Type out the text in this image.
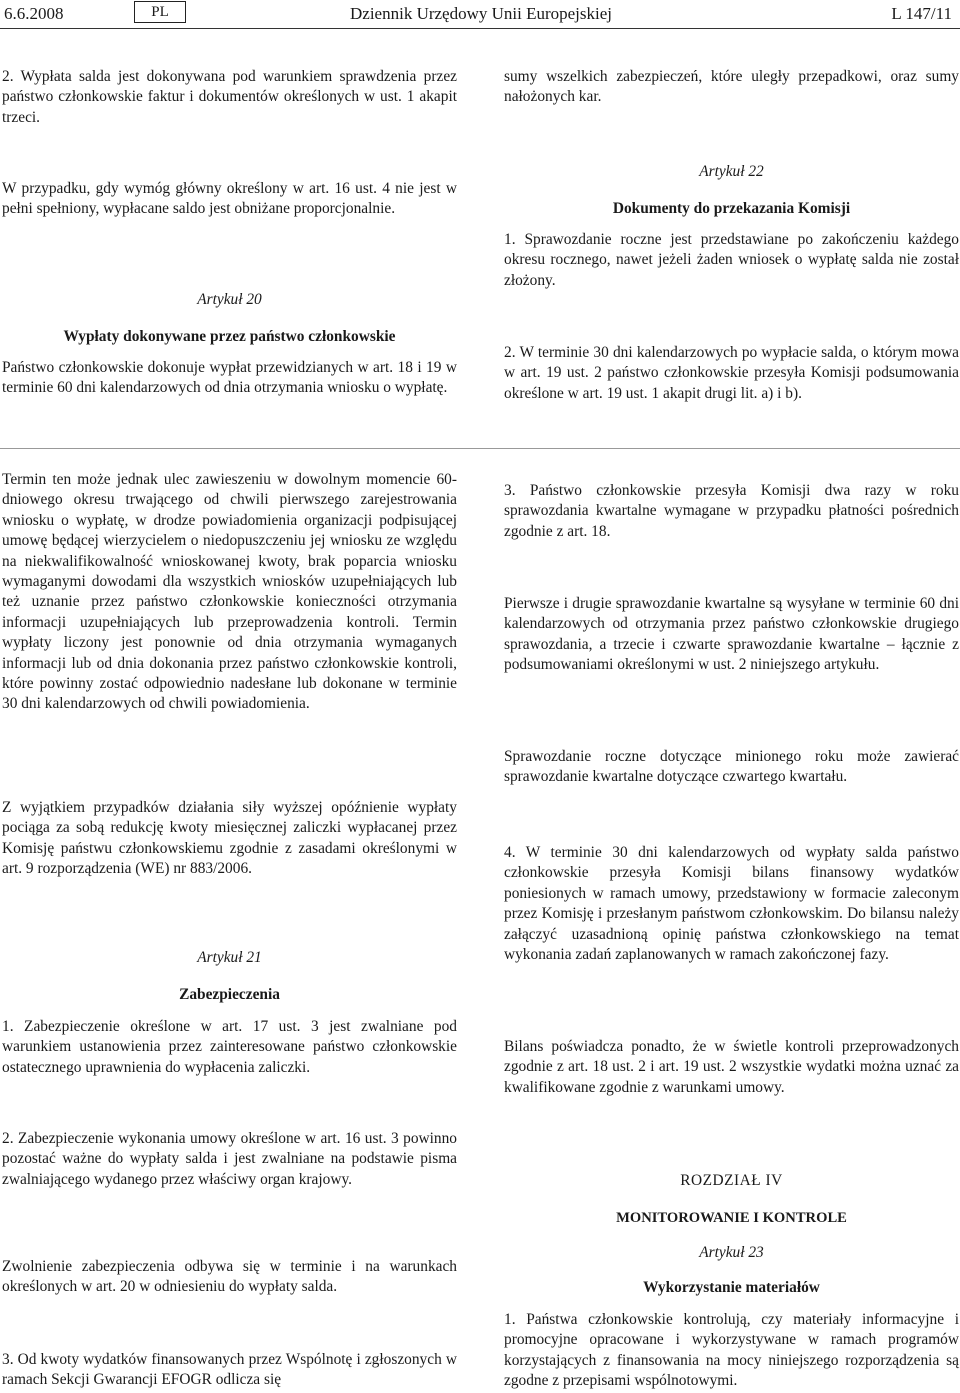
6.6.2008	PL	Dziennik Urzędowy Unii Europejskiej	L 147/11
2. Wypłata salda jest dokonywana pod warunkiem sprawdzenia przez państwo członkowskie faktur i dokumentów określonych w ust. 1 akapit trzeci.
W przypadku, gdy wymóg główny określony w art. 16 ust. 4 nie jest w pełni spełniony, wypłacane saldo jest obniżane proporcjonalnie.
Artykuł 20
Wypłaty dokonywane przez państwo członkowskie
Państwo członkowskie dokonuje wypłat przewidzianych w art. 18 i 19 w terminie 60 dni kalendarzowych od dnia otrzymania wniosku o wypłatę.
sumy wszelkich zabezpieczeń, które uległy przepadkowi, oraz sumy nałożonych kar.
Artykuł 22
Dokumenty do przekazania Komisji
1. Sprawozdanie roczne jest przedstawiane po zakończeniu każdego okresu rocznego, nawet jeżeli żaden wniosek o wypłatę salda nie został złożony.
2. W terminie 30 dni kalendarzowych po wypłacie salda, o którym mowa w art. 19 ust. 2 państwo członkowskie przesyła Komisji podsumowania określone w art. 19 ust. 1 akapit drugi lit. a) i b).
Termin ten może jednak ulec zawieszeniu w dowolnym momencie 60-dniowego okresu trwającego od chwili pierwszego zarejestrowania wniosku o wypłatę, w drodze powiadomienia organizacji podpisującej umowę będącej wierzycielem o niedopuszczeniu jej wniosku ze względu na niekwalifikowalność wnioskowanej kwoty, brak poparcia wniosku wymaganymi dowodami dla wszystkich wniosków uzupełniających lub też uznanie przez państwo członkowskie konieczności otrzymania informacji uzupełniających lub przeprowadzenia kontroli. Termin wypłaty liczony jest ponownie od dnia otrzymania wymaganych informacji lub od dnia dokonania przez państwo członkowskie kontroli, które powinny zostać odpowiednio nadesłane lub dokonane w terminie 30 dni kalendarzowych od chwili powiadomienia.
Z wyjątkiem przypadków działania siły wyższej opóźnienie wypłaty pociąga za sobą redukcję kwoty miesięcznej zaliczki wypłacanej przez Komisję państwu członkowskiemu zgodnie z zasadami określonymi w art. 9 rozporządzenia (WE) nr 883/2006.
Artykuł 21
Zabezpieczenia
1. Zabezpieczenie określone w art. 17 ust. 3 jest zwalniane pod warunkiem ustanowienia przez zainteresowane państwo członkowskie ostatecznego uprawnienia do wypłacenia zaliczki.
2. Zabezpieczenie wykonania umowy określone w art. 16 ust. 3 powinno pozostać ważne do wypłaty salda i jest zwalniane na podstawie pisma zwalniającego wydanego przez właściwy organ krajowy.
Zwolnienie zabezpieczenia odbywa się w terminie i na warunkach określonych w art. 20 w odniesieniu do wypłaty salda.
3. Od kwoty wydatków finansowanych przez Wspólnotę i zgłoszonych w ramach Sekcji Gwarancji EFOGR odlicza się
3. Państwo członkowskie przesyła Komisji dwa razy w roku sprawozdania kwartalne wymagane w przypadku płatności pośrednich zgodnie z art. 18.
Pierwsze i drugie sprawozdanie kwartalne są wysyłane w terminie 60 dni kalendarzowych od otrzymania przez państwo członkowskie drugiego sprawozdania, a trzecie i czwarte sprawozdanie kwartalne – łącznie z podsumowaniami określonymi w ust. 2 niniejszego artykułu.
Sprawozdanie roczne dotyczące minionego roku może zawierać sprawozdanie kwartalne dotyczące czwartego kwartału.
4. W terminie 30 dni kalendarzowych od wypłaty salda państwo członkowskie przesyła Komisji bilans finansowy wydatków poniesionych w ramach umowy, przedstawiony w formacie zaleconym przez Komisję i przesłanym państwom członkowskim. Do bilansu należy załączyć uzasadnioną opinię państwa członkowskiego na temat wykonania zadań zaplanowanych w ramach zakończonej fazy.
Bilans poświadcza ponadto, że w świetle kontroli przeprowadzonych zgodnie z art. 18 ust. 2 i art. 19 ust. 2 wszystkie wydatki można uznać za kwalifikowane zgodnie z warunkami umowy.
ROZDZIAŁ IV
MONITOROWANIE I KONTROLE
Artykuł 23
Wykorzystanie materiałów
1. Państwa członkowskie kontrolują, czy materiały informacyjne i promocyjne opracowane i wykorzystywane w ramach programów korzystających z finansowania na mocy niniejszego rozporządzenia są zgodne z przepisami wspólnotowymi.
